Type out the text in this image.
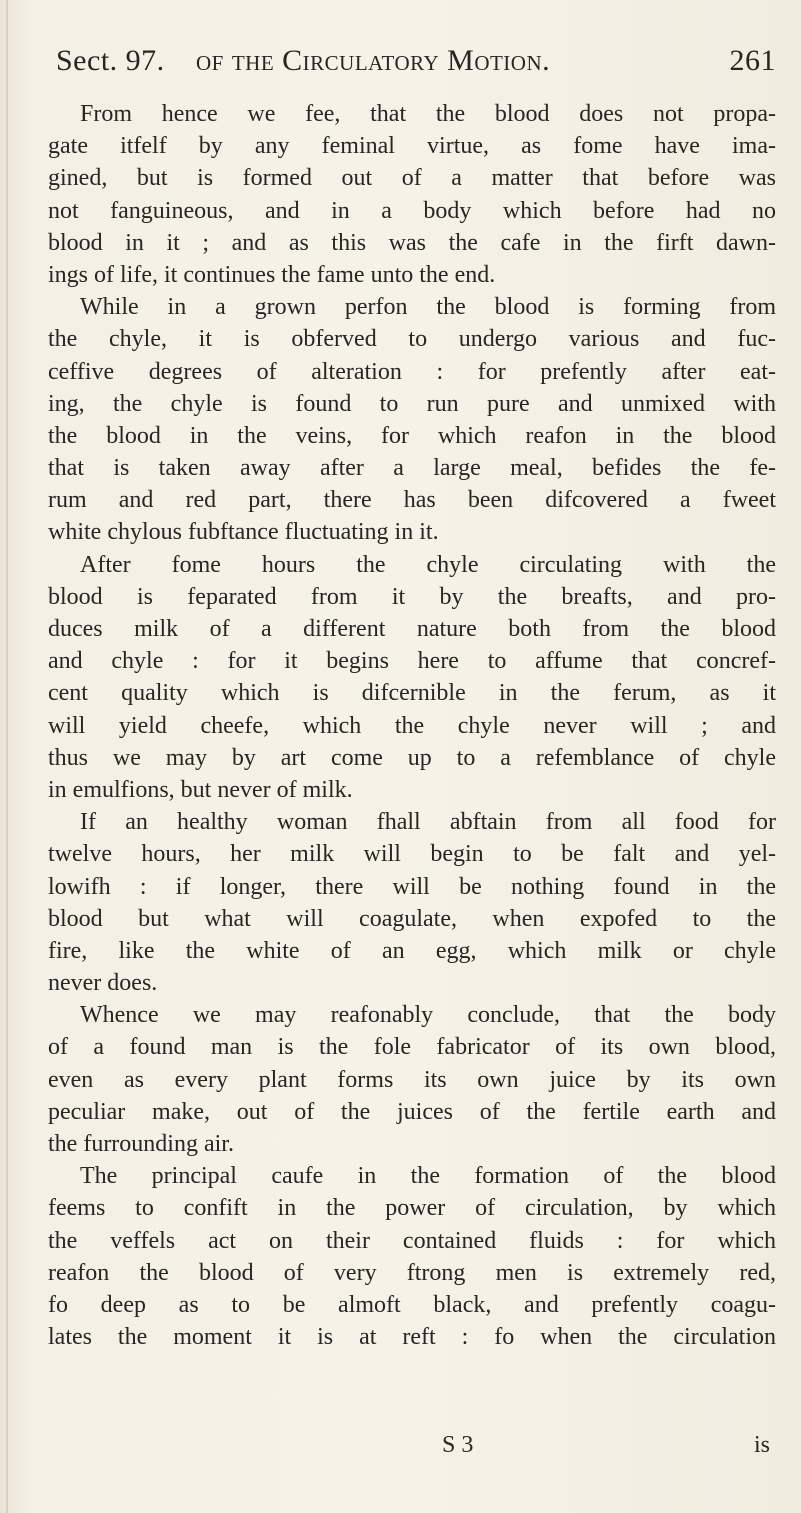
Sect. 97. of the Circulatory Motion.	261
From hence we fee, that the blood does not propa-
gate itfelf by any feminal virtue, as fome have ima-
gined, but is formed out of a matter that before was
not fanguineous, and in a body which before had no
blood in it ; and as this was the cafe in the firft dawn-
ings of life, it continues the fame unto the end.
While in a grown perfon the blood is forming from
the chyle, it is obferved to undergo various and fuc-
ceffive degrees of alteration : for prefently after eat-
ing, the chyle is found to run pure and unmixed with
the blood in the veins, for which reafon in the blood
that is taken away after a large meal, befides the fe-
rum and red part, there has been difcovered a fweet
white chylous fubftance fluctuating in it.
After fome hours the chyle circulating with the
blood is feparated from it by the breafts, and pro-
duces milk of a different nature both from the blood
and chyle : for it begins here to affume that concref-
cent quality which is difcernible in the ferum, as it
will yield cheefe, which the chyle never will ; and
thus we may by art come up to a refemblance of chyle
in emulfions, but never of milk.
If an healthy woman fhall abftain from all food for
twelve hours, her milk will begin to be falt and yel-
lowifh : if longer, there will be nothing found in the
blood but what will coagulate, when expofed to the
fire, like the white of an egg, which milk or chyle
never does.
Whence we may reafonably conclude, that the body
of a found man is the fole fabricator of its own blood,
even as every plant forms its own juice by its own
peculiar make, out of the juices of the fertile earth and
the furrounding air.
The principal caufe in the formation of the blood
feems to confift in the power of circulation, by which
the veffels act on their contained fluids : for which
reafon the blood of very ftrong men is extremely red,
fo deep as to be almoft black, and prefently coagu-
lates the moment it is at reft : fo when the circulation
S 3	is
